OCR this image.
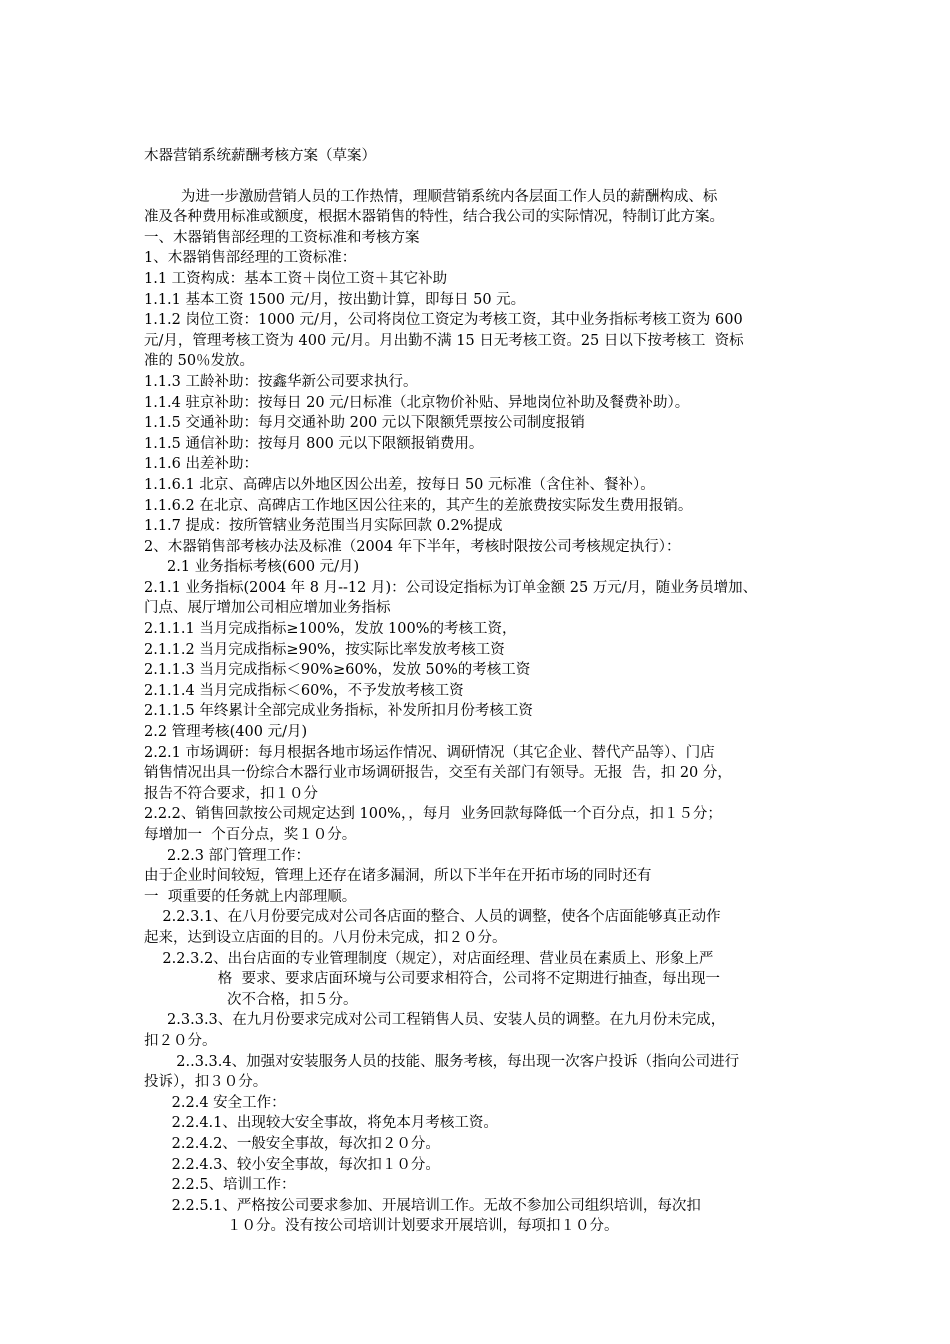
木器营销系统薪酬考核方案（草案）
为进一步激励营销人员的工作热情，理顺营销系统内各层面工作人员的薪酬构成、标
准及各种费用标准或额度，根据木器销售的特性，结合我公司的实际情况，特制订此方案。
一、木器销售部经理的工资标准和考核方案
1、木器销售部经理的工资标准：
1.1 工资构成：基本工资＋岗位工资＋其它补助
1.1.1 基本工资 1500 元/月，按出勤计算，即每日 50 元。
1.1.2 岗位工资：1000 元/月，公司将岗位工资定为考核工资，其中业务指标考核工资为 600
元/月，管理考核工资为 400 元/月。月出勤不满 15 日无考核工资。25 日以下按考核工  资标
准的 50％发放。
1.1.3 工龄补助：按鑫华新公司要求执行。
1.1.4 驻京补助：按每日 20 元/日标准（北京物价补贴、异地岗位补助及餐费补助）。
1.1.5 交通补助：每月交通补助 200 元以下限额凭票按公司制度报销
1.1.5 通信补助：按每月 800 元以下限额报销费用。
1.1.6 出差补助：
1.1.6.1 北京、高碑店以外地区因公出差，按每日 50 元标准（含住补、餐补）。
1.1.6.2 在北京、高碑店工作地区因公往来的，其产生的差旅费按实际发生费用报销。
1.1.7 提成：按所管辖业务范围当月实际回款 0.2%提成
2、木器销售部考核办法及标准（2004 年下半年，考核时限按公司考核规定执行）：
2.1 业务指标考核(600 元/月)
2.1.1 业务指标(2004 年 8 月--12 月)：公司设定指标为订单金额 25 万元/月，随业务员增加、
门点、展厅增加公司相应增加业务指标
2.1.1.1 当月完成指标≥100%，发放 100%的考核工资，
2.1.1.2 当月完成指标≥90%，按实际比率发放考核工资
2.1.1.3 当月完成指标＜90%≥60%，发放 50%的考核工资
2.1.1.4 当月完成指标＜60%，不予发放考核工资
2.1.1.5 年终累计全部完成业务指标，补发所扣月份考核工资
2.2 管理考核(400 元/月)
2.2.1 市场调研：每月根据各地市场运作情况、调研情况（其它企业、替代产品等）、门店
销售情况出具一份综合木器行业市场调研报告，交至有关部门有领导。无报  告，扣 20 分，
报告不符合要求，扣１０分
2.2.2、销售回款按公司规定达到 100%，，每月  业务回款每降低一个百分点，扣１５分；
每增加一  个百分点，奖１０分。
2.2.3 部门管理工作：
由于企业时间较短，管理上还存在诸多漏洞，所以下半年在开拓市场的同时还有
一  项重要的任务就上内部理顺。
2.2.3.1、在八月份要完成对公司各店面的整合、人员的调整，使各个店面能够真正动作
起来，达到设立店面的目的。八月份未完成，扣２０分。
2.2.3.2、出台店面的专业管理制度（规定），对店面经理、营业员在素质上、形象上严
格  要求、要求店面环境与公司要求相符合，公司将不定期进行抽查，每出现一
次不合格，扣５分。
2.3.3.3、在九月份要求完成对公司工程销售人员、安装人员的调整。在九月份未完成，
扣２０分。
2..3.3.4、加强对安装服务人员的技能、服务考核，每出现一次客户投诉（指向公司进行
投诉），扣３０分。
2.2.4 安全工作：
2.2.4.1、出现较大安全事故，将免本月考核工资。
2.2.4.2、一般安全事故，每次扣２０分。
2.2.4.3、较小安全事故，每次扣１０分。
2.2.5、培训工作：
2.2.5.1、严格按公司要求参加、开展培训工作。无故不参加公司组织培训，每次扣
１０分。没有按公司培训计划要求开展培训，每项扣１０分。
